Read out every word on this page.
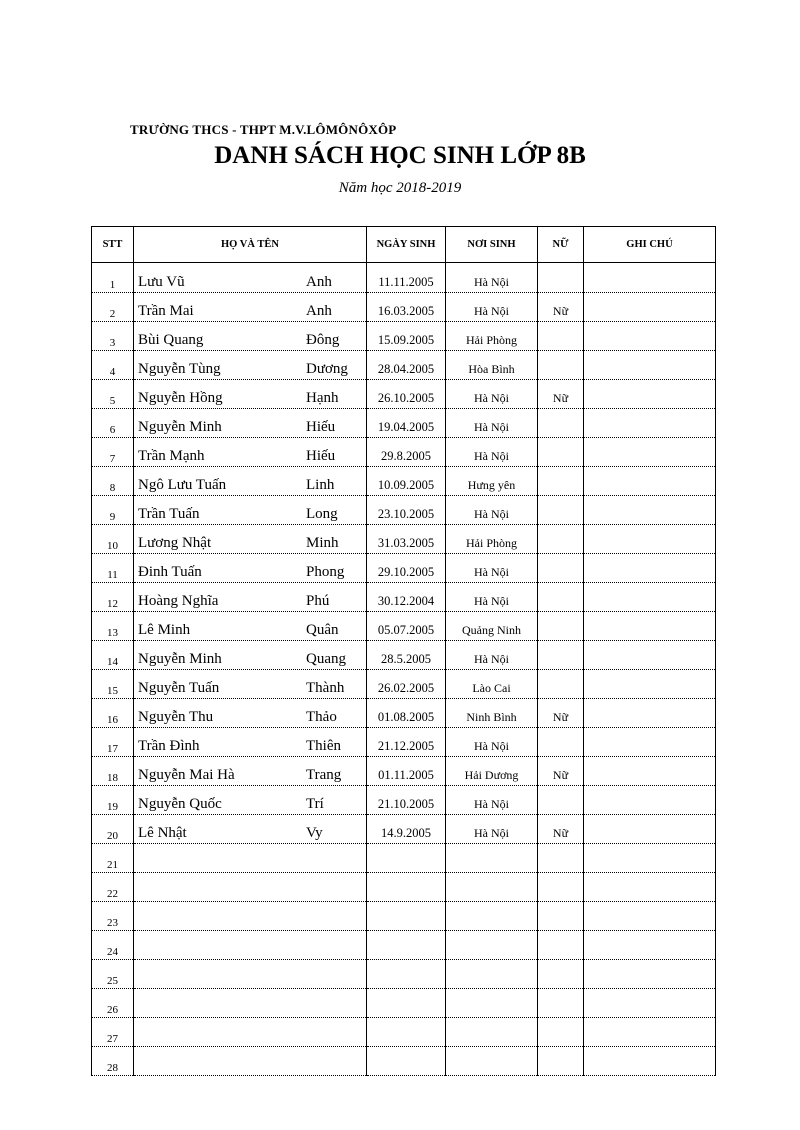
TRƯỜNG THCS - THPT M.V.LÔMÔNÔXÔP
DANH SÁCH HỌC SINH LỚP 8B
Năm học 2018-2019
STT	HỌ VÀ TÊN	NGÀY SINH	NƠI SINH	NỮ	GHI CHÚ
1	Lưu Vũ Anh	11.11.2005	Hà Nội		
2	Trần Mai Anh	16.03.2005	Hà Nội	Nữ	
3	Bùi Quang Đông	15.09.2005	Hải Phòng		
4	Nguyễn Tùng Dương	28.04.2005	Hòa Bình		
5	Nguyễn Hồng Hạnh	26.10.2005	Hà Nội	Nữ	
6	Nguyễn Minh Hiếu	19.04.2005	Hà Nội		
7	Trần Mạnh Hiếu	29.8.2005	Hà Nội		
8	Ngô Lưu Tuấn Linh	10.09.2005	Hưng yên		
9	Trần Tuấn Long	23.10.2005	Hà Nội		
10	Lương Nhật Minh	31.03.2005	Hải Phòng		
11	Đinh Tuấn Phong	29.10.2005	Hà Nội		
12	Hoàng Nghĩa Phú	30.12.2004	Hà Nội		
13	Lê Minh Quân	05.07.2005	Quảng Ninh		
14	Nguyễn Minh Quang	28.5.2005	Hà Nội		
15	Nguyễn Tuấn Thành	26.02.2005	Lào Cai		
16	Nguyễn Thu Thảo	01.08.2005	Ninh Bình	Nữ	
17	Trần Đình Thiên	21.12.2005	Hà Nội		
18	Nguyễn Mai Hà Trang	01.11.2005	Hải Dương	Nữ	
19	Nguyễn Quốc Trí	21.10.2005	Hà Nội		
20	Lê Nhật Vy	14.9.2005	Hà Nội	Nữ	
21					
22					
23					
24					
25					
26					
27					
28					
